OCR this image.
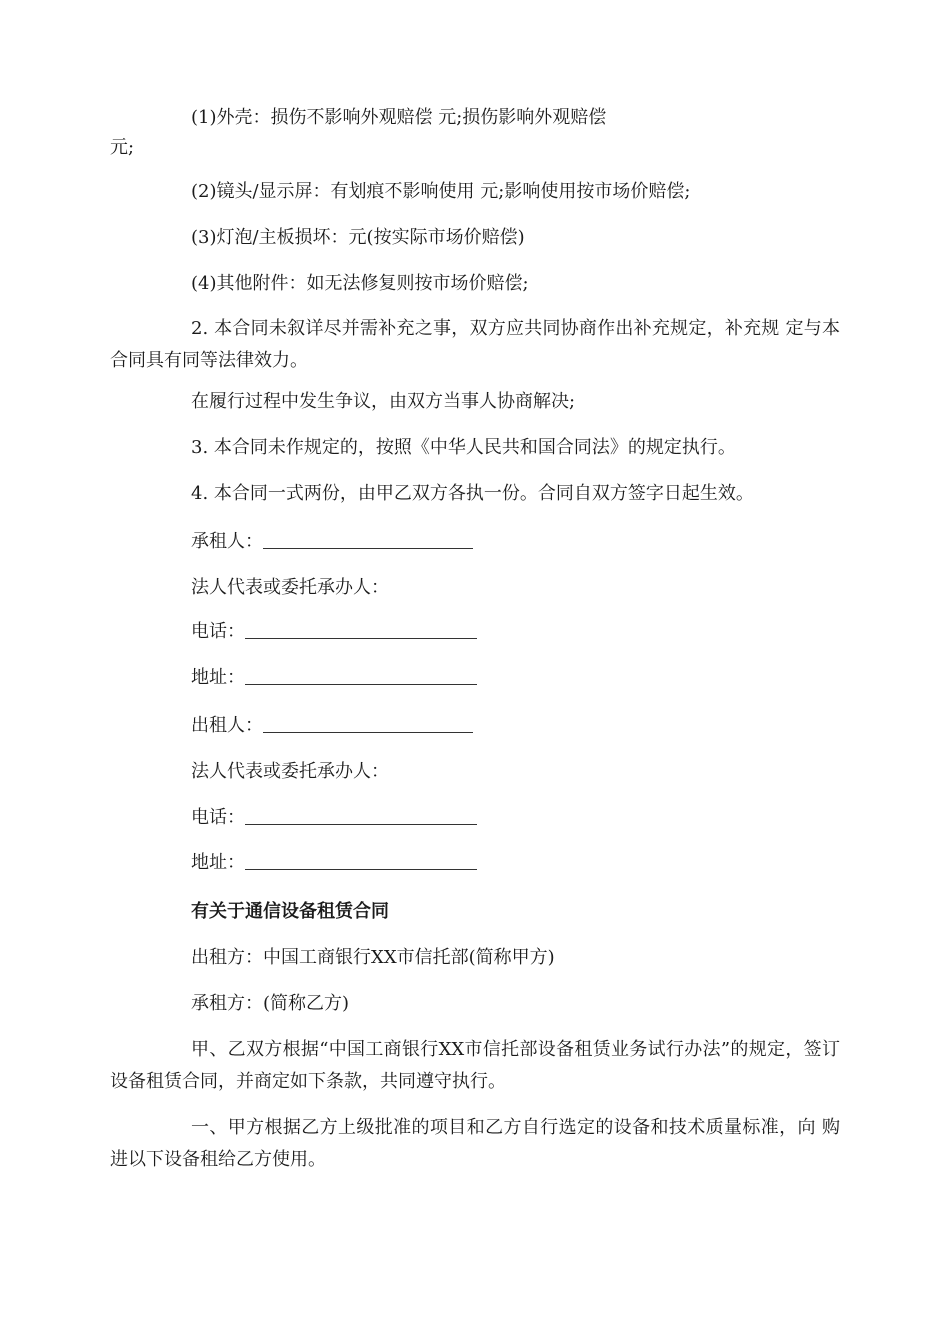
(1)外壳：损伤不影响外观赔偿 元;损伤影响外观赔偿
元;
(2)镜头/显示屏：有划痕不影响使用 元;影响使用按市场价赔偿;
(3)灯泡/主板损坏：元(按实际市场价赔偿)
(4)其他附件：如无法修复则按市场价赔偿;
2. 本合同未叙详尽并需补充之事，双方应共同协商作出补充规定，补充规 定与本合同具有同等法律效力。
在履行过程中发生争议，由双方当事人协商解决;
3. 本合同未作规定的，按照《中华人民共和国合同法》的规定执行。
4. 本合同一式两份，由甲乙双方各执一份。合同自双方签字日起生效。
承租人：
法人代表或委托承办人：
电话：
地址：
出租人：
法人代表或委托承办人：
电话：
地址：
有关于通信设备租赁合同
出租方：中国工商银行XX市信托部(简称甲方)
承租方：(简称乙方)
甲、乙双方根据“中国工商银行XX市信托部设备租赁业务试行办法”的规定，签订设备租赁合同，并商定如下条款，共同遵守执行。
一、甲方根据乙方上级批准的项目和乙方自行选定的设备和技术质量标准，向 购进以下设备租给乙方使用。
